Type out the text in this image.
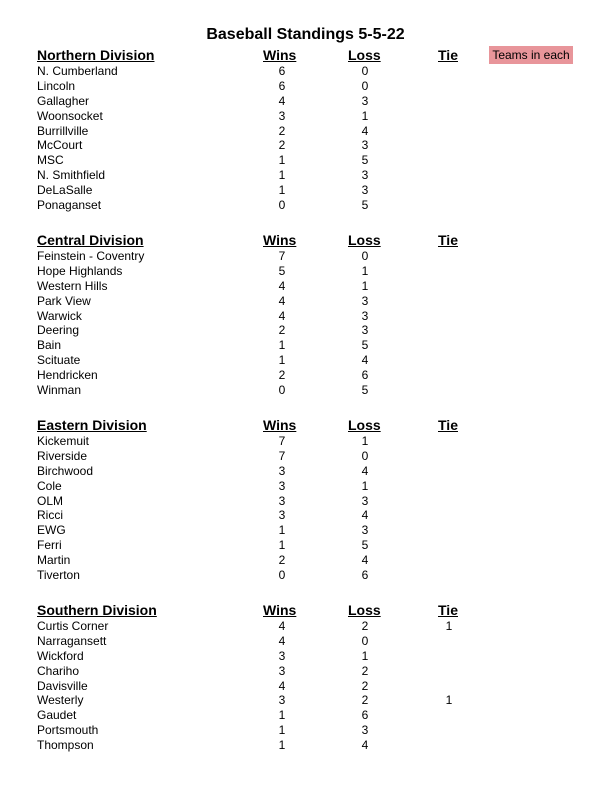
Baseball Standings 5-5-22
Teams in each
Northern Division	Wins	Loss	Tie
N. Cumberland	6	0
Lincoln	6	0
Gallagher	4	3
Woonsocket	3	1
Burrillville	2	4
McCourt	2	3
MSC	1	5
N. Smithfield	1	3
DeLaSalle	1	3
Ponaganset	0	5
Central Division	Wins	Loss	Tie
Feinstein - Coventry	7	0
Hope Highlands	5	1
Western Hills	4	1
Park View	4	3
Warwick	4	3
Deering	2	3
Bain	1	5
Scituate	1	4
Hendricken	2	6
Winman	0	5
Eastern Division	Wins	Loss	Tie
Kickemuit	7	1
Riverside	7	0
Birchwood	3	4
Cole	3	1
OLM	3	3
Ricci	3	4
EWG	1	3
Ferri	1	5
Martin	2	4
Tiverton	0	6
Southern Division	Wins	Loss	Tie
Curtis Corner	4	2	1
Narragansett	4	0
Wickford	3	1
Chariho	3	2
Davisville	4	2
Westerly	3	2	1
Gaudet	1	6
Portsmouth	1	3
Thompson	1	4
